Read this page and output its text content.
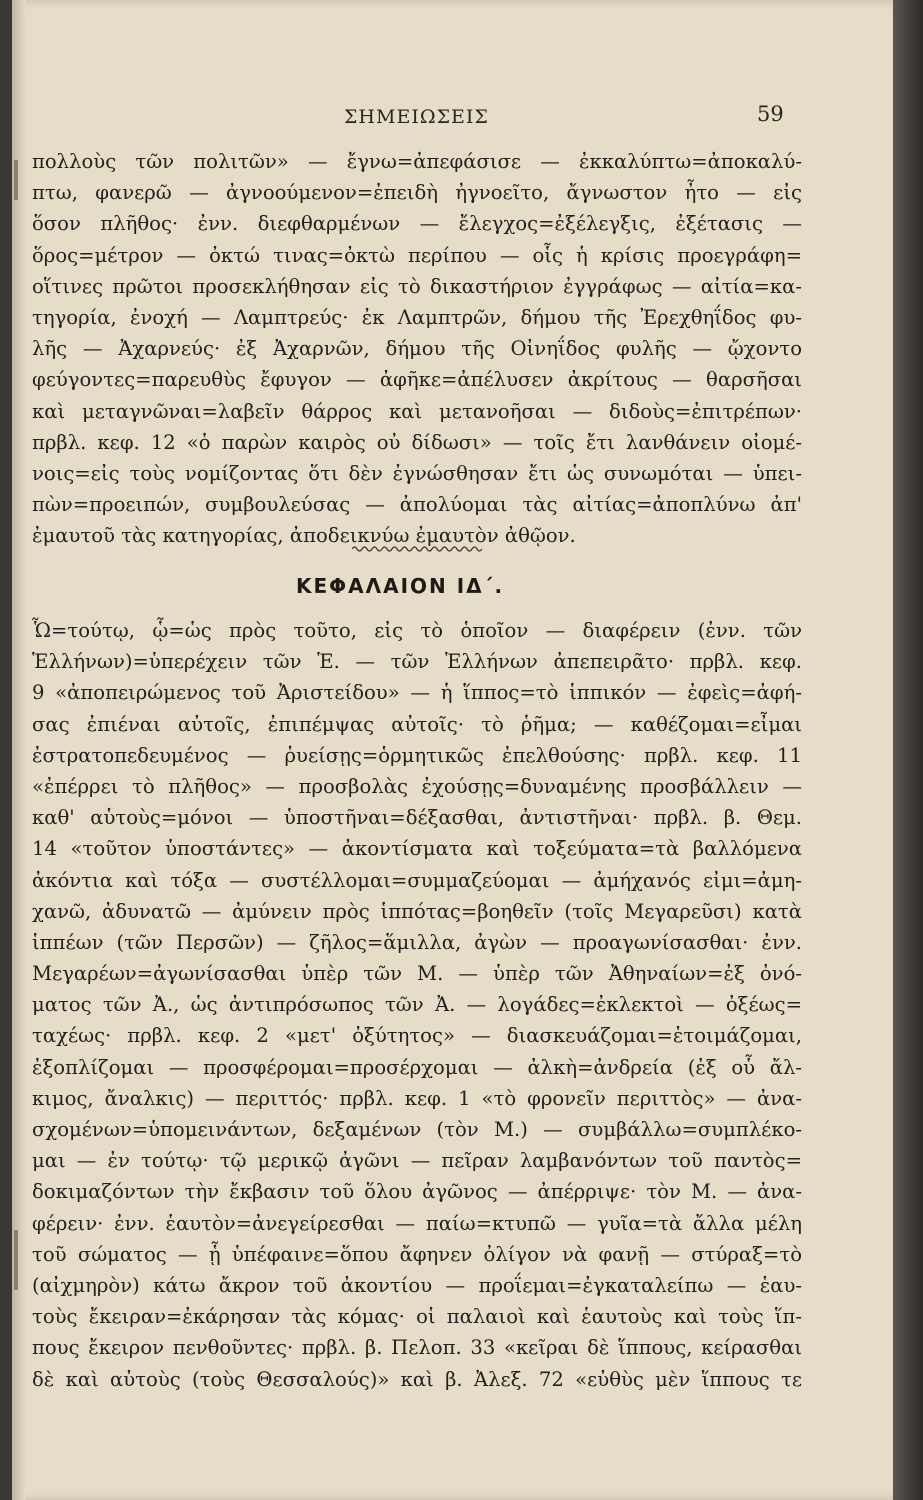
ΣΗΜΕΙΩΣΕΙΣ	59
πολλοὺς τῶν πολιτῶν» — ἔγνω=ἀπεφάσισε — ἐκκαλύπτω=ἀποκαλύ-
πτω, φανερῶ — ἀγνοούμενον=ἐπειδὴ ἠγνοεῖτο, ἄγνωστον ἦτο — εἰς
ὅσον πλῆθος· ἐνν. διεφθαρμένων — ἔλεγχος=ἐξέλεγξις, ἐξέτασις —
ὅρος=μέτρον — ὀκτώ τινας=ὀκτὼ περίπου — οἷς ἡ κρίσις προεγράφη=
οἵτινες πρῶτοι προσεκλήθησαν εἰς τὸ δικαστήριον ἐγγράφως — αἰτία=κα-
τηγορία, ἐνοχή — Λαμπτρεύς· ἐκ Λαμπτρῶν, δήμου τῆς Ἐρεχθηΐδος φυ-
λῆς — Ἀχαρνεύς· ἐξ Ἀχαρνῶν, δήμου τῆς Οἰνηΐδος φυλῆς — ᾤχοντο
φεύγοντες=παρευθὺς ἔφυγον — ἀφῆκε=ἀπέλυσεν ἀκρίτους — θαρσῆσαι
καὶ μεταγνῶναι=λαβεῖν θάρρος καὶ μετανοῆσαι — διδοὺς=ἐπιτρέπων·
πρβλ. κεφ. 12 «ὁ παρὼν καιρὸς οὐ δίδωσι» — τοῖς ἔτι λανθάνειν οἰομέ-
νοις=εἰς τοὺς νομίζοντας ὅτι δὲν ἐγνώσθησαν ἔτι ὡς συνωμόται — ὑπει-
πὼν=προειπών, συμβουλεύσας — ἀπολύομαι τὰς αἰτίας=ἀποπλύνω ἀπ'
ἐμαυτοῦ τὰς κατηγορίας, ἀποδεικνύω ἐμαυτὸν ἀθῷον.
ΚΕΦΑΛΑΙΟΝ ΙΔ΄.
Ὧ=τούτῳ, ᾧ=ὡς πρὸς τοῦτο, εἰς τὸ ὁποῖον — διαφέρειν (ἐνν. τῶν
Ἑλλήνων)=ὑπερέχειν τῶν Ἑ. — τῶν Ἑλλήνων ἀπεπειρᾶτο· πρβλ. κεφ.
9 «ἀποπειρώμενος τοῦ Ἀριστείδου» — ἡ ἵππος=τὸ ἱππικόν — ἐφεὶς=ἀφή-
σας ἐπιέναι αὐτοῖς, ἐπιπέμψας αὐτοῖς· τὸ ῥῆμα; — καθέζομαι=εἶμαι
ἐστρατοπεδευμένος — ῥυείσῃς=ὁρμητικῶς ἐπελθούσης· πρβλ. κεφ. 11
«ἐπέρρει τὸ πλῆθος» — προσβολὰς ἐχούσῃς=δυναμένης προσβάλλειν —
καθ' αὑτοὺς=μόνοι — ὑποστῆναι=δέξασθαι, ἀντιστῆναι· πρβλ. β. Θεμ.
14 «τοῦτον ὑποστάντες» — ἀκοντίσματα καὶ τοξεύματα=τὰ βαλλόμενα
ἀκόντια καὶ τόξα — συστέλλομαι=συμμαζεύομαι — ἀμήχανός εἰμι=ἀμη-
χανῶ, ἀδυνατῶ — ἀμύνειν πρὸς ἱππότας=βοηθεῖν (τοῖς Μεγαρεῦσι) κατὰ
ἱππέων (τῶν Περσῶν) — ζῆλος=ἅμιλλα, ἀγὼν — προαγωνίσασθαι· ἐνν.
Μεγαρέων=ἀγωνίσασθαι ὑπὲρ τῶν Μ. — ὑπὲρ τῶν Ἀθηναίων=ἐξ ὀνό-
ματος τῶν Ἀ., ὡς ἀντιπρόσωπος τῶν Ἀ. — λογάδες=ἐκλεκτοὶ — ὀξέως=
ταχέως· πρβλ. κεφ. 2 «μετ' ὀξύτητος» — διασκευάζομαι=ἑτοιμάζομαι,
ἐξοπλίζομαι — προσφέρομαι=προσέρχομαι — ἀλκὴ=ἀνδρεία (ἐξ οὗ ἄλ-
κιμος, ἄναλκις) — περιττός· πρβλ. κεφ. 1 «τὸ φρονεῖν περιττὸς» — ἀνα-
σχομένων=ὑπομεινάντων, δεξαμένων (τὸν Μ.) — συμβάλλω=συμπλέκο-
μαι — ἐν τούτῳ· τῷ μερικῷ ἀγῶνι — πεῖραν λαμβανόντων τοῦ παντὸς=
δοκιμαζόντων τὴν ἔκβασιν τοῦ ὅλου ἀγῶνος — ἀπέρριψε· τὸν Μ. — ἀνα-
φέρειν· ἐνν. ἑαυτὸν=ἀνεγείρεσθαι — παίω=κτυπῶ — γυῖα=τὰ ἄλλα μέλη
τοῦ σώματος — ᾗ ὑπέφαινε=ὅπου ἄφηνεν ὀλίγον νὰ φανῇ — στύραξ=τὸ
(αἰχμηρὸν) κάτω ἄκρον τοῦ ἀκοντίου — προΐεμαι=ἐγκαταλείπω — ἑαυ-
τοὺς ἔκειραν=ἐκάρησαν τὰς κόμας· οἱ παλαιοὶ καὶ ἑαυτοὺς καὶ τοὺς ἵπ-
πους ἔκειρον πενθοῦντες· πρβλ. β. Πελοπ. 33 «κεῖραι δὲ ἵππους, κείρασθαι
δὲ καὶ αὐτοὺς (τοὺς Θεσσαλούς)» καὶ β. Ἀλεξ. 72 «εὐθὺς μὲν ἵππους τε
